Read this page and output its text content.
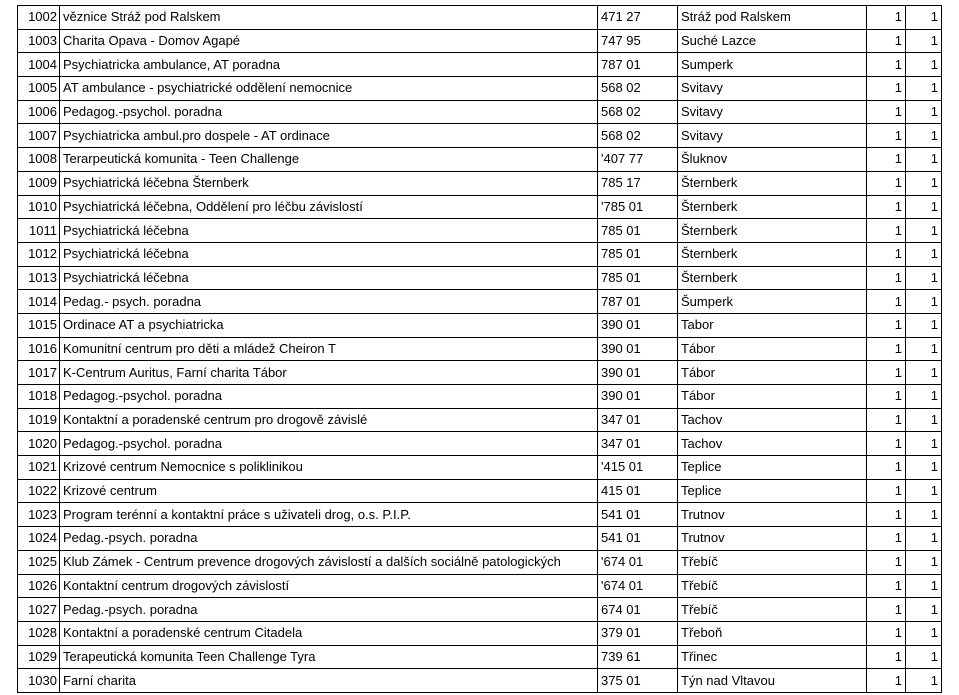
1002	věznice Stráž pod Ralskem	471 27	Stráž pod Ralskem	1	1
1003	Charita Opava - Domov Agapé	747 95	Suché Lazce	1	1
1004	Psychiatricka ambulance, AT poradna	787 01	Sumperk	1	1
1005	AT ambulance - psychiatrické oddělení nemocnice	568 02	Svitavy	1	1
1006	Pedagog.-psychol. poradna	568 02	Svitavy	1	1
1007	Psychiatricka ambul.pro dospele - AT ordinace	568 02	Svitavy	1	1
1008	Terarpeutická komunita - Teen Challenge	'407 77	Šluknov	1	1
1009	Psychiatrická léčebna Šternberk	785 17	Šternberk	1	1
1010	Psychiatrická léčebna, Oddělení pro léčbu závislostí	'785 01	Šternberk	1	1
1011	Psychiatrická léčebna	785 01	Šternberk	1	1
1012	Psychiatrická léčebna	785 01	Šternberk	1	1
1013	Psychiatrická léčebna	785 01	Šternberk	1	1
1014	Pedag.- psych. poradna	787 01	Šumperk	1	1
1015	Ordinace AT a psychiatricka	390 01	Tabor	1	1
1016	Komunitní centrum pro děti a mládež Cheiron T	390 01	Tábor	1	1
1017	K-Centrum Auritus, Farní charita Tábor	390 01	Tábor	1	1
1018	Pedagog.-psychol. poradna	390 01	Tábor	1	1
1019	Kontaktní a poradenské centrum pro drogově závislé	347 01	Tachov	1	1
1020	Pedagog.-psychol. poradna	347 01	Tachov	1	1
1021	Krizové centrum Nemocnice s poliklinikou	'415 01	Teplice	1	1
1022	Krizové centrum	415 01	Teplice	1	1
1023	Program terénní a kontaktní práce s uživateli drog, o.s. P.I.P.	541 01	Trutnov	1	1
1024	Pedag.-psych. poradna	541 01	Trutnov	1	1
1025	Klub Zámek - Centrum prevence drogových závislostí a dalších sociálně patologických	'674 01	Třebíč	1	1
1026	Kontaktní centrum drogových závislostí	'674 01	Třebíč	1	1
1027	Pedag.-psych. poradna	674 01	Třebíč	1	1
1028	Kontaktní a poradenské centrum Citadela	379 01	Třeboň	1	1
1029	Terapeutická komunita Teen Challenge Tyra	739 61	Třinec	1	1
1030	Farní charita	375 01	Týn nad Vltavou	1	1
